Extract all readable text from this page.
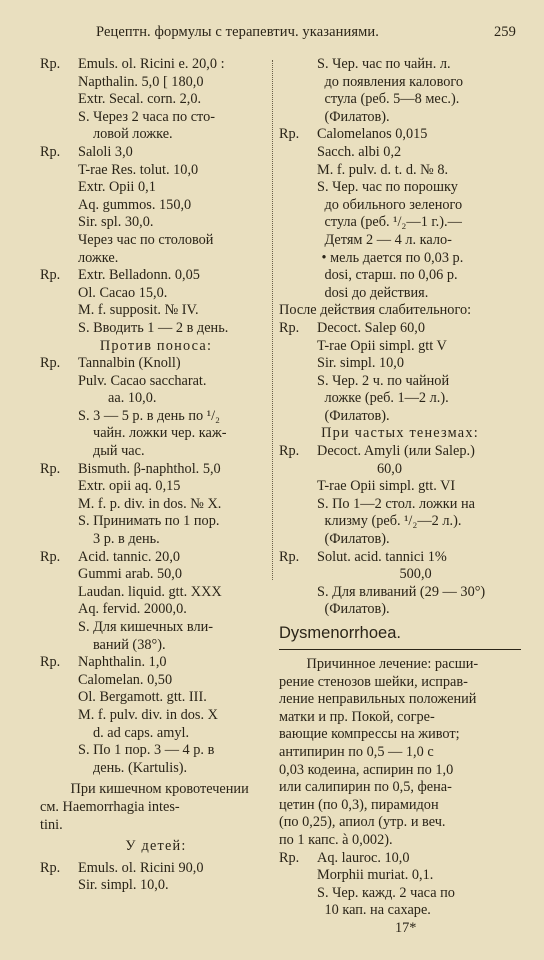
Рецептн. формулы с терапевтич. указаниями.	259
Rp. Emuls. ol. Ricini e. 20,0 :
Napthalin. 5,0 [ 180,0
Extr. Secal. corn. 2,0.
S. Через 2 часа по сто-
ловой ложке.
Rp. Saloli 3,0
T-rae Res. tolut. 10,0
Extr. Opii 0,1
Aq. gummos. 150,0
Sir. spl. 30,0.
Через час по столовой
ложке.
Rp. Extr. Belladonn. 0,05
Ol. Cacao 15,0.
M. f. supposit. № IV.
S. Вводить 1 — 2 в день.
Против поноса:
Rp. Tannalbin (Knoll)
Pulv. Cacao saccharat.
aa. 10,0.
S. 3 — 5 р. в день по ¹/₂
чайн. ложки чер. каж-
дый час.
Rp. Bismuth. β-naphthol. 5,0
Extr. opii aq. 0,15
M. f. p. div. in dos. № X.
S. Принимать по 1 пор.
3 р. в день.
Rp. Acid. tannic. 20,0
Gummi arab. 50,0
Laudan. liquid. gtt. XXX
Aq. fervid. 2000,0.
S. Для кишечных вли-
ваний (38°).
Rp. Naphthalin. 1,0
Calomelan. 0,50
Ol. Bergamott. gtt. III.
M. f. pulv. div. in dos. X
d. ad caps. amyl.
S. По 1 пор. 3 — 4 р. в
день. (Kartulis).
При кишечном кровотечении
см. Haemorrhagia intes-
tini.
У детей:
Rp. Emuls. ol. Ricini 90,0
Sir. simpl. 10,0.
S. Чер. час по чайн. л.
до появления калового
стула (реб. 5—8 мес.).
(Филатов).
Rp. Calomelanos 0,015
Sacch. albi 0,2
M. f. pulv. d. t. d. № 8.
S. Чер. час по порошку
до обильного зеленого
стула (реб. ¹/₂—1 г.).—
Детям 2 — 4 л. кало-
• мель дается по 0,03 р.
dosi, старш. по 0,06 р.
dosi до действия.
После действия слабительного:
Rp. Decoct. Salep 60,0
T-rae Opii simpl. gtt V
Sir. simpl. 10,0
S. Чер. 2 ч. по чайной
ложке (реб. 1—2 л.).
(Филатов).
При частых тенезмах:
Rp. Decoct. Amyli (или Salep.)
60,0
T-rae Opii simpl. gtt. VI
S. По 1—2 стол. ложки на
клизму (реб. ¹/₂—2 л.).
(Филатов).
Rp. Solut. acid. tannici 1%
500,0
S. Для вливаний (29 — 30°)
(Филатов).
Dysmenorrhoea.
Причинное лечение: расши-
рение стенозов шейки, исправ-
ление неправильных положений
матки и пр. Покой, согре-
вающие компрессы на живот;
антипирин по 0,5 — 1,0 с
0,03 кодеина, аспирин по 1,0
или салипирин по 0,5, фена-
цетин (по 0,3), пирамидон
(по 0,25), апиол (утр. и веч.
по 1 капс. à 0,002).
Rp. Aq. lauroc. 10,0
Morphii muriat. 0,1.
S. Чер. кажд. 2 часа по
10 кап. на сахаре.
17*
